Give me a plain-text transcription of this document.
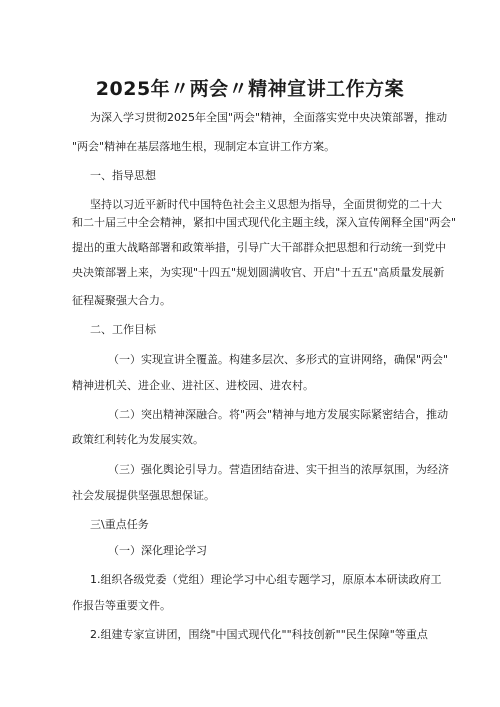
2025年〃两会〃精神宣讲工作方案
为深入学习贯彻2025年全国"两会"精神，全面落实党中央决策部署，推动
"两会"精神在基层落地生根，现制定本宣讲工作方案。
一、指导思想
坚持以习近平新时代中国特色社会主义思想为指导，全面贯彻党的二十大
和二十届三中全会精神，紧扣中国式现代化主题主线，深入宣传阐释全国"两会"
提出的重大战略部署和政策举措，引导广大干部群众把思想和行动统一到党中
央决策部署上来，为实现"十四五"规划圆满收官、开启"十五五"高质量发展新
征程凝聚强大合力。
二、工作目标
（一）实现宣讲全覆盖。构建多层次、多形式的宣讲网络，确保"两会"
精神进机关、进企业、进社区、进校园、进农村。
（二）突出精神深融合。将"两会"精神与地方发展实际紧密结合，推动
政策红利转化为发展实效。
（三）强化舆论引导力。营造团结奋进、实干担当的浓厚氛围，为经济
社会发展提供坚强思想保证。
三\重点任务
（一）深化理论学习
1.组织各级党委（党组）理论学习中心组专题学习，原原本本研读政府工
作报告等重要文件。
2.组建专家宣讲团，围绕"中国式现代化""科技创新""民生保障"等重点
